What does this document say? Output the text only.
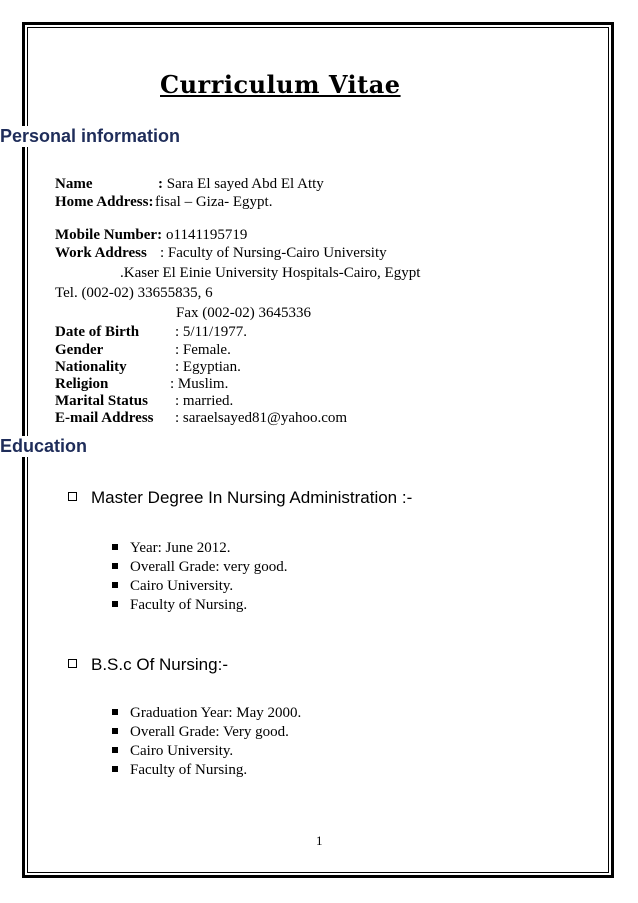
Curriculum Vitae
Personal information
Name	: Sara El sayed Abd El Atty
Home Address: fisal – Giza- Egypt.
Mobile Number: o1141195719
Work Address : Faculty of Nursing-Cairo University
.Kaser El Einie University Hospitals-Cairo, Egypt
Tel. (002-02) 33655835, 6
Fax (002-02) 3645336
Date of Birth : 5/11/1977.
Gender	: Female.
Nationality	: Egyptian.
Religion	: Muslim.
Marital Status : married.
E-mail Address : saraelsayed81@yahoo.com
Education
Master Degree In Nursing Administration :-
Year: June 2012.
Overall Grade: very good.
Cairo University.
Faculty of Nursing.
B.S.c Of Nursing:-
Graduation Year: May 2000.
Overall Grade: Very good.
Cairo University.
Faculty of Nursing.
1
